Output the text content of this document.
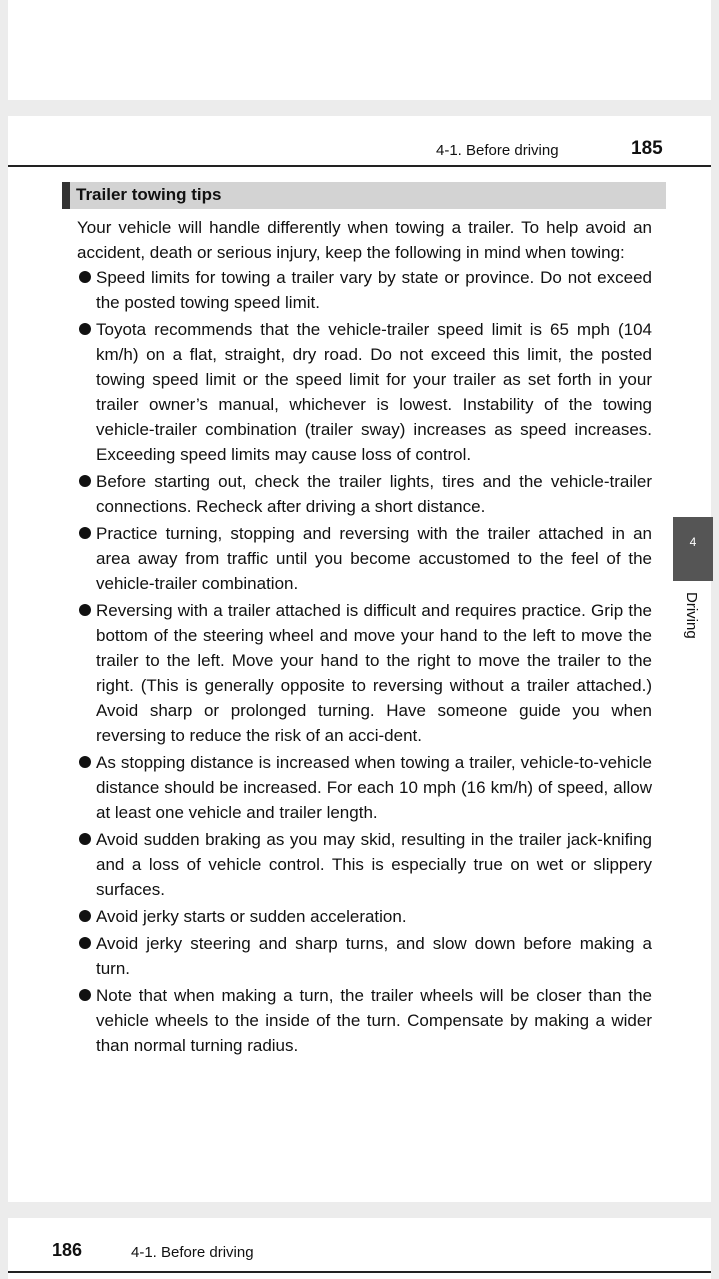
4-1. Before driving	185
Trailer towing tips

Your vehicle will handle differently when towing a trailer. To help avoid an accident, death or serious injury, keep the following in mind when towing:

Speed limits for towing a trailer vary by state or province. Do not exceed the posted towing speed limit.
Toyota recommends that the vehicle-trailer speed limit is 65 mph (104 km/h) on a flat, straight, dry road. Do not exceed this limit, the posted towing speed limit or the speed limit for your trailer as set forth in your trailer owner’s manual, whichever is lowest. Instability of the towing vehicle-trailer combination (trailer sway) increases as speed increases. Exceeding speed limits may cause loss of control.
Before starting out, check the trailer lights, tires and the vehicle-trailer connections. Recheck after driving a short distance.
Practice turning, stopping and reversing with the trailer attached in an area away from traffic until you become accustomed to the feel of the vehicle-trailer combination.
Reversing with a trailer attached is difficult and requires practice. Grip the bottom of the steering wheel and move your hand to the left to move the trailer to the left. Move your hand to the right to move the trailer to the right. (This is generally opposite to reversing without a trailer attached.) Avoid sharp or prolonged turning. Have someone guide you when reversing to reduce the risk of an acci-dent.
As stopping distance is increased when towing a trailer, vehicle-to-vehicle distance should be increased. For each 10 mph (16 km/h) of speed, allow at least one vehicle and trailer length.
Avoid sudden braking as you may skid, resulting in the trailer jack-knifing and a loss of vehicle control. This is especially true on wet or slippery surfaces.
Avoid jerky starts or sudden acceleration.
Avoid jerky steering and sharp turns, and slow down before making a turn.
Note that when making a turn, the trailer wheels will be closer than the vehicle wheels to the inside of the turn. Compensate by making a wider than normal turning radius.
4
Driving
186	4-1. Before driving
